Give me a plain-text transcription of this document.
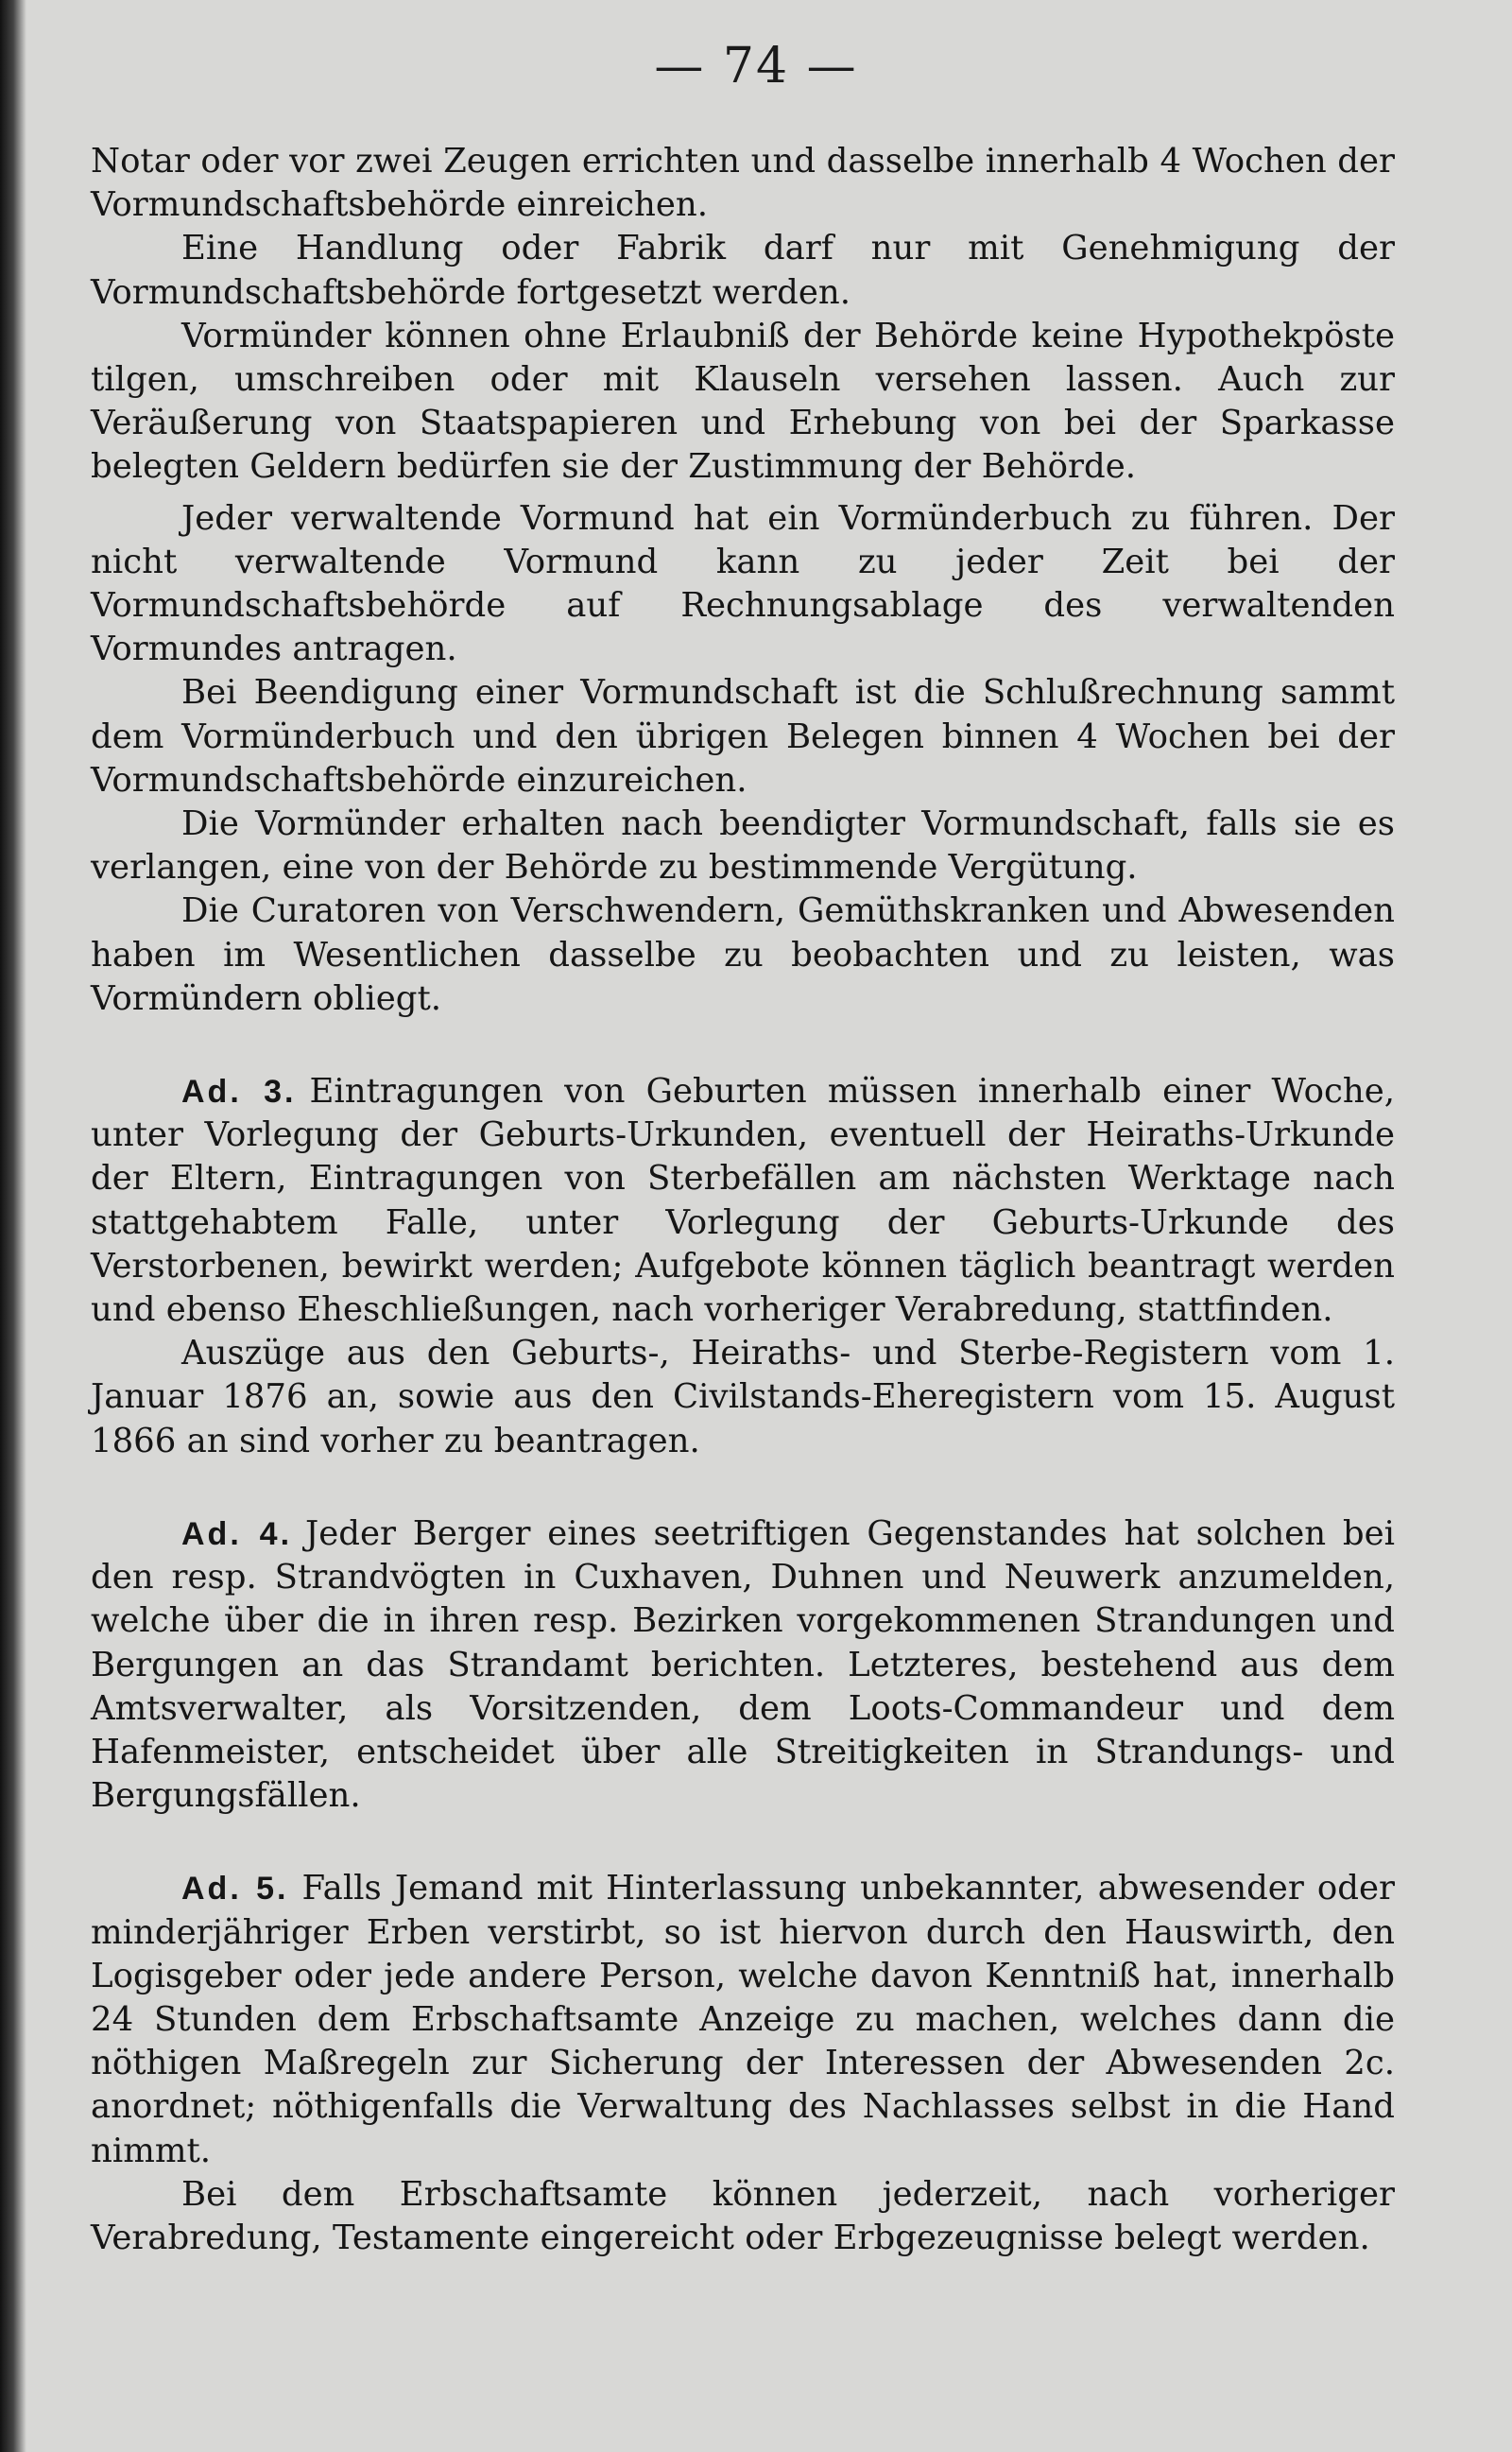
— 74 —

Notar oder vor zwei Zeugen errichten und dasselbe innerhalb 4 Wochen der Vormundschaftsbehörde einreichen.

Eine Handlung oder Fabrik darf nur mit Genehmigung der Vormundschaftsbehörde fortgesetzt werden.

Vormünder können ohne Erlaubniß der Behörde keine Hypothekpöste tilgen, umschreiben oder mit Klauseln versehen lassen. Auch zur Veräußerung von Staatspapieren und Erhebung von bei der Sparkasse belegten Geldern bedürfen sie der Zustimmung der Behörde.

Jeder verwaltende Vormund hat ein Vormünderbuch zu führen. Der nicht verwaltende Vormund kann zu jeder Zeit bei der Vormundschaftsbehörde auf Rechnungsablage des verwaltenden Vormundes antragen.

Bei Beendigung einer Vormundschaft ist die Schlußrechnung sammt dem Vormünderbuch und den übrigen Belegen binnen 4 Wochen bei der Vormundschaftsbehörde einzureichen.

Die Vormünder erhalten nach beendigter Vormundschaft, falls sie es verlangen, eine von der Behörde zu bestimmende Vergütung.

Die Curatoren von Verschwendern, Gemüthskranken und Abwesenden haben im Wesentlichen dasselbe zu beobachten und zu leisten, was Vormündern obliegt.

Ad. 3. Eintragungen von Geburten müssen innerhalb einer Woche, unter Vorlegung der Geburts-Urkunden, eventuell der Heiraths-Urkunde der Eltern, Eintragungen von Sterbefällen am nächsten Werktage nach stattgehabtem Falle, unter Vorlegung der Geburts-Urkunde des Verstorbenen, bewirkt werden; Aufgebote können täglich beantragt werden und ebenso Eheschließungen, nach vorheriger Verabredung, stattfinden.

Auszüge aus den Geburts-, Heiraths- und Sterbe-Registern vom 1. Januar 1876 an, sowie aus den Civilstands-Eheregistern vom 15. August 1866 an sind vorher zu beantragen.

Ad. 4. Jeder Berger eines seetriftigen Gegenstandes hat solchen bei den resp. Strandvögten in Cuxhaven, Duhnen und Neuwerk anzumelden, welche über die in ihren resp. Bezirken vorgekommenen Strandungen und Bergungen an das Strandamt berichten. Letzteres, bestehend aus dem Amtsverwalter, als Vorsitzenden, dem Loots-Commandeur und dem Hafenmeister, entscheidet über alle Streitigkeiten in Strandungs- und Bergungsfällen.

Ad. 5. Falls Jemand mit Hinterlassung unbekannter, abwesender oder minderjähriger Erben verstirbt, so ist hiervon durch den Hauswirth, den Logisgeber oder jede andere Person, welche davon Kenntniß hat, innerhalb 24 Stunden dem Erbschaftsamte Anzeige zu machen, welches dann die nöthigen Maßregeln zur Sicherung der Interessen der Abwesenden 2c. anordnet; nöthigenfalls die Verwaltung des Nachlasses selbst in die Hand nimmt.

Bei dem Erbschaftsamte können jederzeit, nach vorheriger Verabredung, Testamente eingereicht oder Erbgezeugnisse belegt werden.
